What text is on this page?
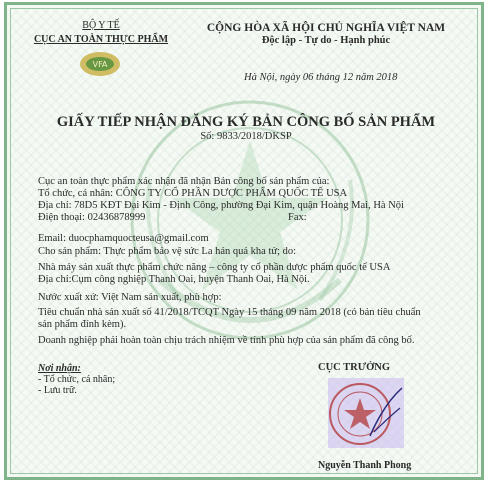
BỘ Y TẾ
CỤC AN TOÀN THỰC PHẨM
VFA
CỘNG HÒA XÃ HỘI CHỦ NGHĨA VIỆT NAM
Độc lập - Tự do - Hạnh phúc
Hà Nội, ngày 06 tháng 12 năm 2018
GIẤY TIẾP NHẬN ĐĂNG KÝ BẢN CÔNG BỐ SẢN PHẨM
Số: 9833/2018/DKSP
Cục an toàn thực phẩm xác nhận đã nhận Bản công bố sản phẩm của:
Tổ chức, cá nhân: CÔNG TY CỔ PHẦN DƯỢC PHẨM QUỐC TẾ USA
Địa chỉ: 78D5 KĐT Đại Kim - Định Công, phường Đại Kim, quận Hoàng Mai, Hà Nội
Điện thoại: 02436878999	Fax:
Email: duocphamquocteusa@gmail.com
Cho sản phẩm: Thực phẩm bảo vệ sức La hán quả kha tử; do:
Nhà máy sản xuất thực phẩm chức năng – công ty cổ phần dược phẩm quốc tế USA
Địa chỉ:Cụm công nghiệp Thanh Oai, huyện Thanh Oai, Hà Nội.
Nước xuất xứ: Việt Nam sản xuất, phù hợp:
Tiêu chuẩn nhà sản xuất số 41/2018/TCQT Ngày 15 tháng 09 năm 2018 (có bản tiêu chuẩn
sản phẩm đính kèm).
Doanh nghiệp phải hoàn toàn chịu trách nhiệm về tính phù hợp của sản phẩm đã công bố.
Nơi nhận:
- Tổ chức, cá nhân;
- Lưu trữ.
CỤC TRƯỞNG
Nguyễn Thanh Phong
